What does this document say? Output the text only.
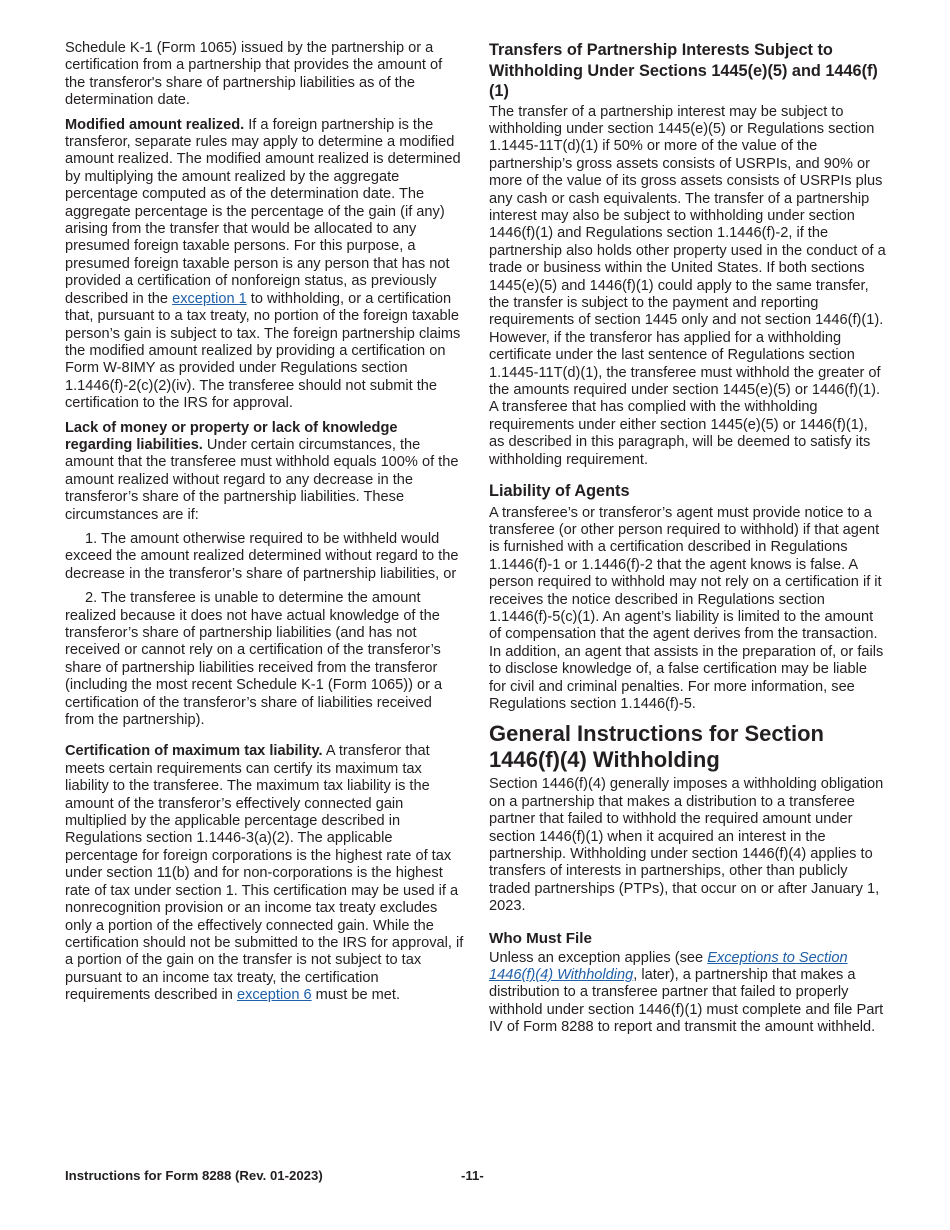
Schedule K-1 (Form 1065) issued by the partnership or a certification from a partnership that provides the amount of the transferor's share of partnership liabilities as of the determination date.

Modified amount realized. If a foreign partnership is the transferor, separate rules may apply to determine a modified amount realized. The modified amount realized is determined by multiplying the amount realized by the aggregate percentage computed as of the determination date. The aggregate percentage is the percentage of the gain (if any) arising from the transfer that would be allocated to any presumed foreign taxable persons. For this purpose, a presumed foreign taxable person is any person that has not provided a certification of nonforeign status, as previously described in the exception 1 to withholding, or a certification that, pursuant to a tax treaty, no portion of the foreign taxable person’s gain is subject to tax. The foreign partnership claims the modified amount realized by providing a certification on Form W-8IMY as provided under Regulations section 1.1446(f)-2(c)(2)(iv). The transferee should not submit the certification to the IRS for approval.

Lack of money or property or lack of knowledge regarding liabilities. Under certain circumstances, the amount that the transferee must withhold equals 100% of the amount realized without regard to any decrease in the transferor’s share of the partnership liabilities. These circumstances are if:

1. The amount otherwise required to be withheld would exceed the amount realized determined without regard to the decrease in the transferor’s share of partnership liabilities, or

2. The transferee is unable to determine the amount realized because it does not have actual knowledge of the transferor’s share of partnership liabilities (and has not received or cannot rely on a certification of the transferor’s share of partnership liabilities received from the transferor (including the most recent Schedule K-1 (Form 1065)) or a certification of the transferor’s share of liabilities received from the partnership).

Certification of maximum tax liability. A transferor that meets certain requirements can certify its maximum tax liability to the transferee. The maximum tax liability is the amount of the transferor’s effectively connected gain multiplied by the applicable percentage described in Regulations section 1.1446-3(a)(2). The applicable percentage for foreign corporations is the highest rate of tax under section 11(b) and for non-corporations is the highest rate of tax under section 1. This certification may be used if a nonrecognition provision or an income tax treaty excludes only a portion of the effectively connected gain. While the certification should not be submitted to the IRS for approval, if a portion of the gain on the transfer is not subject to tax pursuant to an income tax treaty, the certification requirements described in exception 6 must be met.

Transfers of Partnership Interests Subject to Withholding Under Sections 1445(e)(5) and 1446(f)(1)

The transfer of a partnership interest may be subject to withholding under section 1445(e)(5) or Regulations section 1.1445-11T(d)(1) if 50% or more of the value of the partnership’s gross assets consists of USRPIs, and 90% or more of the value of its gross assets consists of USRPIs plus any cash or cash equivalents. The transfer of a partnership interest may also be subject to withholding under section 1446(f)(1) and Regulations section 1.1446(f)-2, if the partnership also holds other property used in the conduct of a trade or business within the United States. If both sections 1445(e)(5) and 1446(f)(1) could apply to the same transfer, the transfer is subject to the payment and reporting requirements of section 1445 only and not section 1446(f)(1). However, if the transferor has applied for a withholding certificate under the last sentence of Regulations section 1.1445-11T(d)(1), the transferee must withhold the greater of the amounts required under section 1445(e)(5) or 1446(f)(1). A transferee that has complied with the withholding requirements under either section 1445(e)(5) or 1446(f)(1), as described in this paragraph, will be deemed to satisfy its withholding requirement.

Liability of Agents

A transferee’s or transferor’s agent must provide notice to a transferee (or other person required to withhold) if that agent is furnished with a certification described in Regulations 1.1446(f)-1 or 1.1446(f)-2 that the agent knows is false. A person required to withhold may not rely on a certification if it receives the notice described in Regulations section 1.1446(f)-5(c)(1). An agent’s liability is limited to the amount of compensation that the agent derives from the transaction. In addition, an agent that assists in the preparation of, or fails to disclose knowledge of, a false certification may be liable for civil and criminal penalties. For more information, see Regulations section 1.1446(f)-5.

General Instructions for Section 1446(f)(4) Withholding

Section 1446(f)(4) generally imposes a withholding obligation on a partnership that makes a distribution to a transferee partner that failed to withhold the required amount under section 1446(f)(1) when it acquired an interest in the partnership. Withholding under section 1446(f)(4) applies to transfers of interests in partnerships, other than publicly traded partnerships (PTPs), that occur on or after January 1, 2023.

Who Must File

Unless an exception applies (see Exceptions to Section 1446(f)(4) Withholding, later), a partnership that makes a distribution to a transferee partner that failed to properly withhold under section 1446(f)(1) must complete and file Part IV of Form 8288 to report and transmit the amount withheld.

Instructions for Form 8288 (Rev. 01-2023)	-11-
